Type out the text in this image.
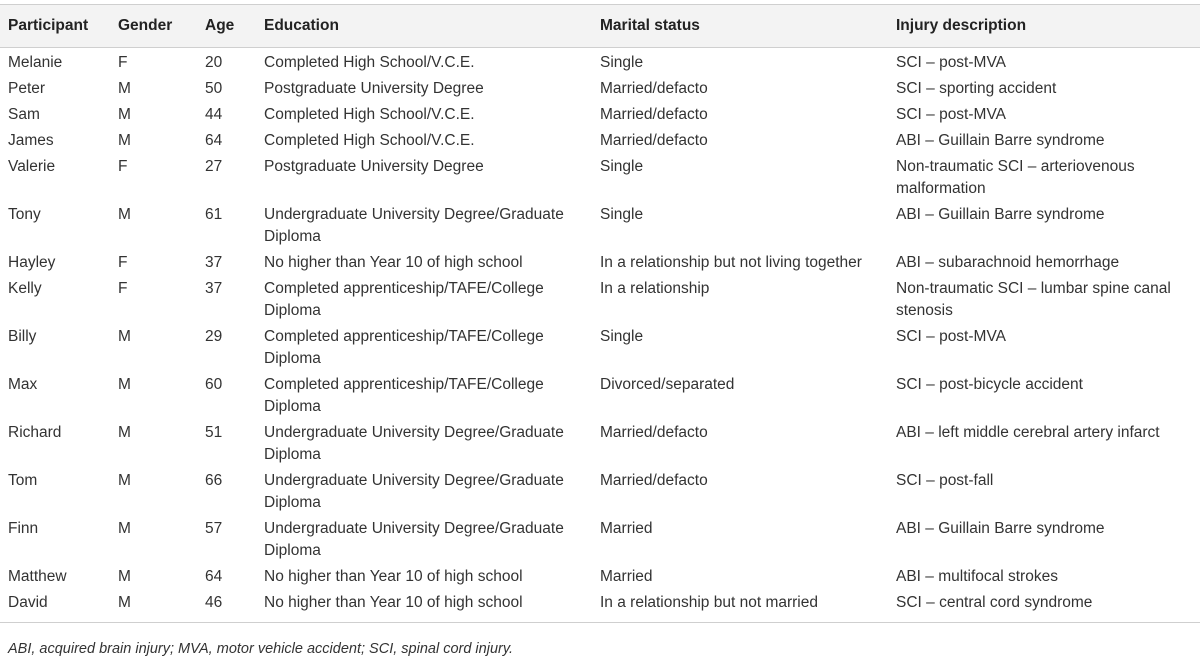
Participant	Gender	Age	Education	Marital status	Injury description
Melanie	F	20	Completed High School/V.C.E.	Single	SCI – post-MVA
Peter	M	50	Postgraduate University Degree	Married/defacto	SCI – sporting accident
Sam	M	44	Completed High School/V.C.E.	Married/defacto	SCI – post-MVA
James	M	64	Completed High School/V.C.E.	Married/defacto	ABI – Guillain Barre syndrome
Valerie	F	27	Postgraduate University Degree	Single	Non-traumatic SCI – arteriovenous malformation
Tony	M	61	Undergraduate University Degree/Graduate Diploma	Single	ABI – Guillain Barre syndrome
Hayley	F	37	No higher than Year 10 of high school	In a relationship but not living together	ABI – subarachnoid hemorrhage
Kelly	F	37	Completed apprenticeship/TAFE/College Diploma	In a relationship	Non-traumatic SCI – lumbar spine canal stenosis
Billy	M	29	Completed apprenticeship/TAFE/College Diploma	Single	SCI – post-MVA
Max	M	60	Completed apprenticeship/TAFE/College Diploma	Divorced/separated	SCI – post-bicycle accident
Richard	M	51	Undergraduate University Degree/Graduate Diploma	Married/defacto	ABI – left middle cerebral artery infarct
Tom	M	66	Undergraduate University Degree/Graduate Diploma	Married/defacto	SCI – post-fall
Finn	M	57	Undergraduate University Degree/Graduate Diploma	Married	ABI – Guillain Barre syndrome
Matthew	M	64	No higher than Year 10 of high school	Married	ABI – multifocal strokes
David	M	46	No higher than Year 10 of high school	In a relationship but not married	SCI – central cord syndrome
ABI, acquired brain injury; MVA, motor vehicle accident; SCI, spinal cord injury.
